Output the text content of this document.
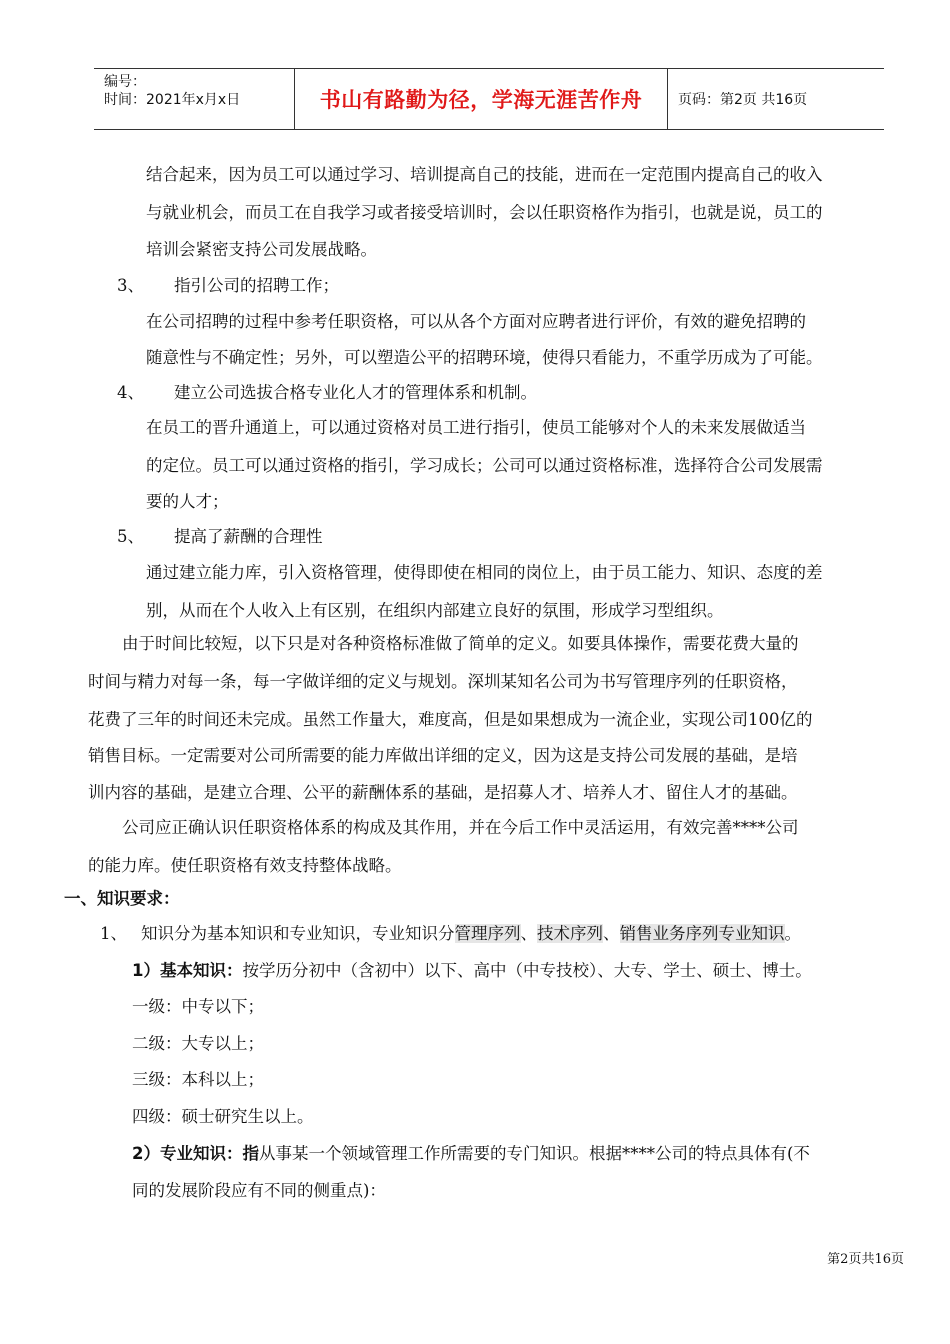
编号：
时间：2021年x月x日	书山有路勤为径，学海无涯苦作舟	页码：第2页 共16页
结合起来，因为员工可以通过学习、培训提高自己的技能，进而在一定范围内提高自己的收入
与就业机会，而员工在自我学习或者接受培训时，会以任职资格作为指引，也就是说，员工的
培训会紧密支持公司发展战略。
3、 指引公司的招聘工作；
在公司招聘的过程中参考任职资格，可以从各个方面对应聘者进行评价，有效的避免招聘的
随意性与不确定性；另外，可以塑造公平的招聘环境，使得只看能力，不重学历成为了可能。
4、 建立公司选拔合格专业化人才的管理体系和机制。
在员工的晋升通道上，可以通过资格对员工进行指引，使员工能够对个人的未来发展做适当
的定位。员工可以通过资格的指引，学习成长；公司可以通过资格标准，选择符合公司发展需
要的人才；
5、 提高了薪酬的合理性
通过建立能力库，引入资格管理，使得即使在相同的岗位上，由于员工能力、知识、态度的差
别，从而在个人收入上有区别，在组织内部建立良好的氛围，形成学习型组织。
由于时间比较短，以下只是对各种资格标准做了简单的定义。如要具体操作，需要花费大量的
时间与精力对每一条，每一字做详细的定义与规划。深圳某知名公司为书写管理序列的任职资格，
花费了三年的时间还未完成。虽然工作量大，难度高，但是如果想成为一流企业，实现公司100亿的
销售目标。一定需要对公司所需要的能力库做出详细的定义，因为这是支持公司发展的基础，是培
训内容的基础，是建立合理、公平的薪酬体系的基础，是招募人才、培养人才、留住人才的基础。
公司应正确认识任职资格体系的构成及其作用，并在今后工作中灵活运用，有效完善****公司
的能力库。使任职资格有效支持整体战略。
一、知识要求：
1、 知识分为基本知识和专业知识，专业知识分管理序列、技术序列、销售业务序列专业知识。
1）基本知识：按学历分初中（含初中）以下、高中（中专技校）、大专、学士、硕士、博士。
一级：中专以下；
二级：大专以上；
三级：本科以上；
四级：硕士研究生以上。
2）专业知识：指从事某一个领域管理工作所需要的专门知识。根据****公司的特点具体有(不
同的发展阶段应有不同的侧重点)：
第2页共16页
